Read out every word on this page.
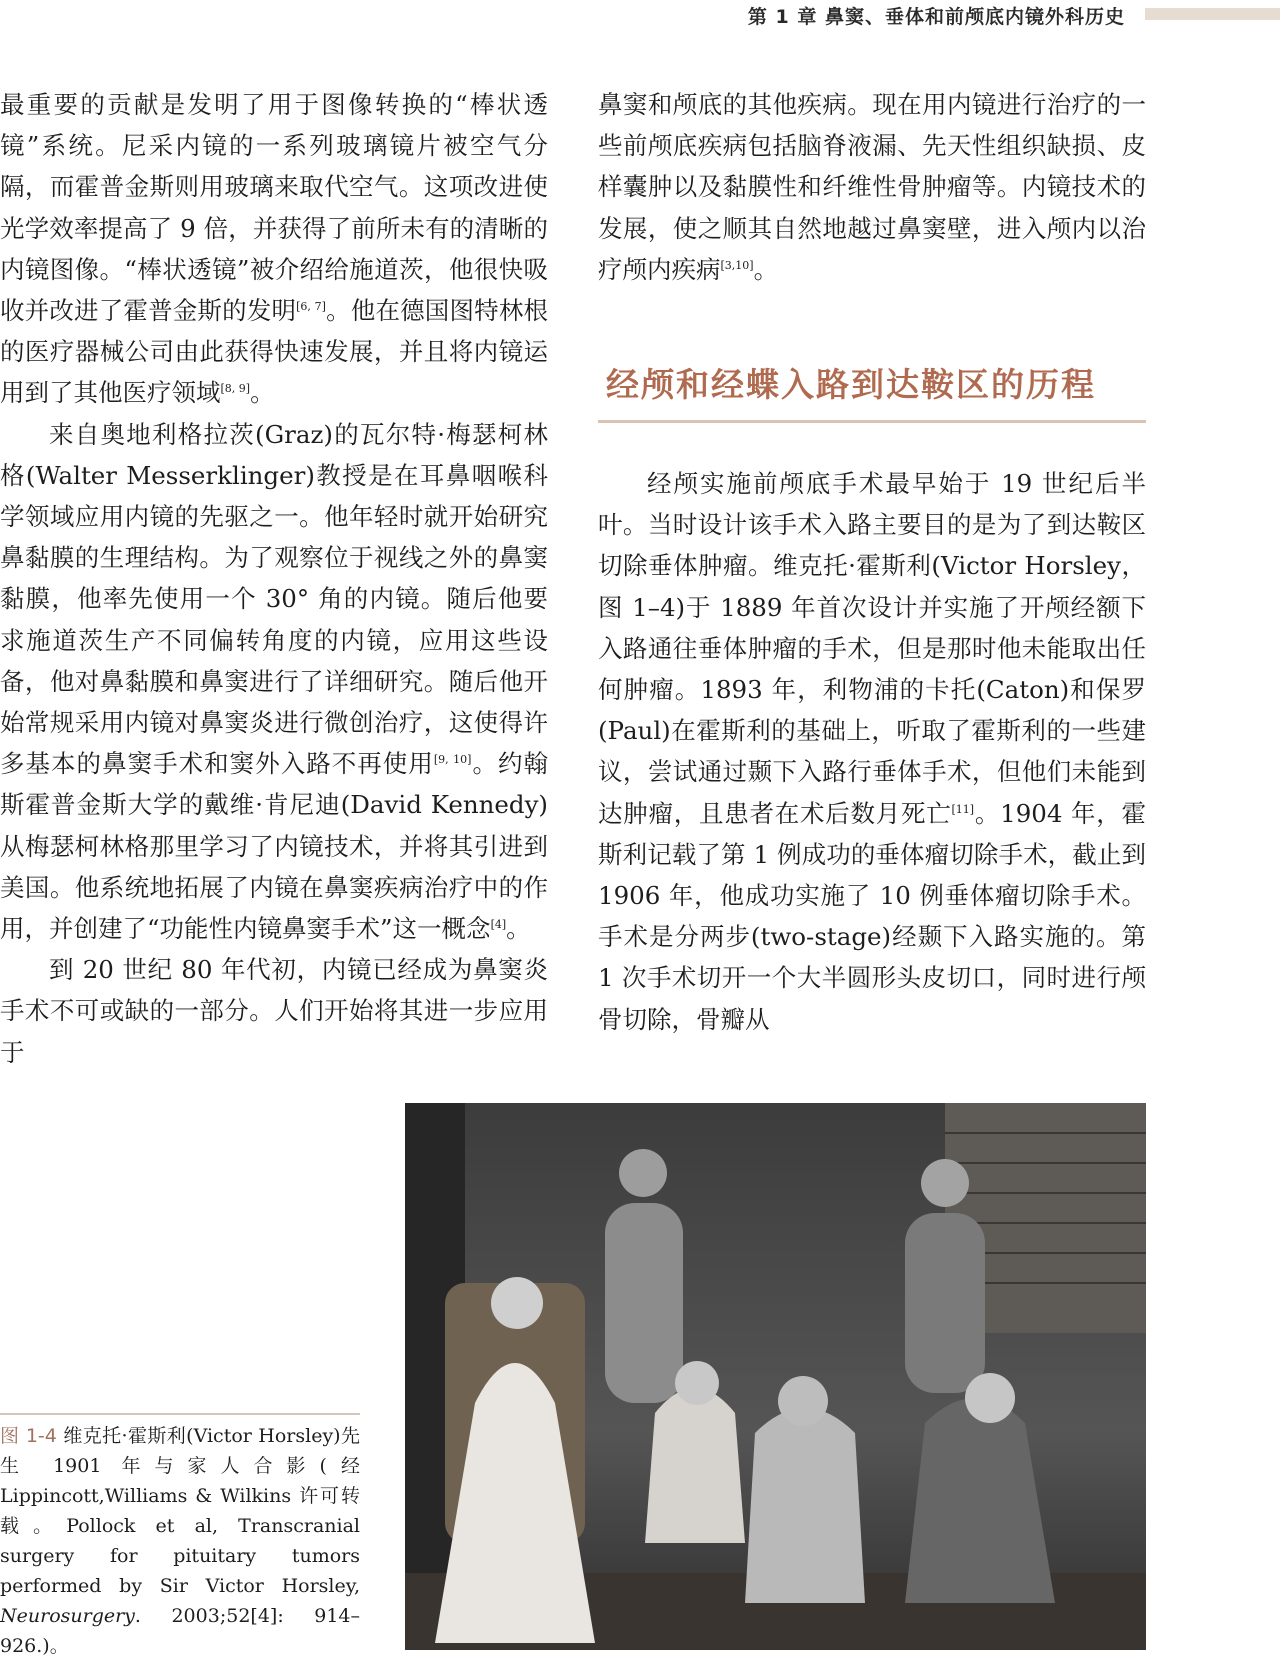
第 1 章 鼻窦、垂体和前颅底内镜外科历史

最重要的贡献是发明了用于图像转换的“棒状透镜”系统。尼采内镜的一系列玻璃镜片被空气分隔，而霍普金斯则用玻璃来取代空气。这项改进使光学效率提高了 9 倍，并获得了前所未有的清晰的内镜图像。“棒状透镜”被介绍给施道茨，他很快吸收并改进了霍普金斯的发明[6, 7]。他在德国图特林根的医疗器械公司由此获得快速发展，并且将内镜运用到了其他医疗领域[8, 9]。

来自奥地利格拉茨(Graz)的瓦尔特·梅瑟柯林格(Walter Messerklinger)教授是在耳鼻咽喉科学领域应用内镜的先驱之一。他年轻时就开始研究鼻黏膜的生理结构。为了观察位于视线之外的鼻窦黏膜，他率先使用一个 30° 角的内镜。随后他要求施道茨生产不同偏转角度的内镜，应用这些设备，他对鼻黏膜和鼻窦进行了详细研究。随后他开始常规采用内镜对鼻窦炎进行微创治疗，这使得许多基本的鼻窦手术和窦外入路不再使用[9, 10]。约翰斯霍普金斯大学的戴维·肯尼迪(David Kennedy)从梅瑟柯林格那里学习了内镜技术，并将其引进到美国。他系统地拓展了内镜在鼻窦疾病治疗中的作用，并创建了“功能性内镜鼻窦手术”这一概念[4]。

到 20 世纪 80 年代初，内镜已经成为鼻窦炎手术不可或缺的一部分。人们开始将其进一步应用于

鼻窦和颅底的其他疾病。现在用内镜进行治疗的一些前颅底疾病包括脑脊液漏、先天性组织缺损、皮样囊肿以及黏膜性和纤维性骨肿瘤等。内镜技术的发展，使之顺其自然地越过鼻窦壁，进入颅内以治疗颅内疾病[3,10]。

经颅和经蝶入路到达鞍区的历程

经颅实施前颅底手术最早始于 19 世纪后半叶。当时设计该手术入路主要目的是为了到达鞍区切除垂体肿瘤。维克托·霍斯利(Victor Horsley，图 1–4)于 1889 年首次设计并实施了开颅经额下入路通往垂体肿瘤的手术，但是那时他未能取出任何肿瘤。1893 年，利物浦的卡托(Caton)和保罗(Paul)在霍斯利的基础上，听取了霍斯利的一些建议，尝试通过颞下入路行垂体手术，但他们未能到达肿瘤，且患者在术后数月死亡[11]。1904 年，霍斯利记载了第 1 例成功的垂体瘤切除手术，截止到 1906 年，他成功实施了 10 例垂体瘤切除手术。手术是分两步(two-stage)经颞下入路实施的。第 1 次手术切开一个大半圆形头皮切口，同时进行颅骨切除，骨瓣从

图 1-4 维克托·霍斯利(Victor Horsley)先生 1901 年与家人合影(经 Lippincott,Williams & Wilkins 许可转载。Pollock et al, Transcranial surgery for pituitary tumors performed by Sir Victor Horsley, Neurosurgery. 2003;52[4]: 914–926.)。
